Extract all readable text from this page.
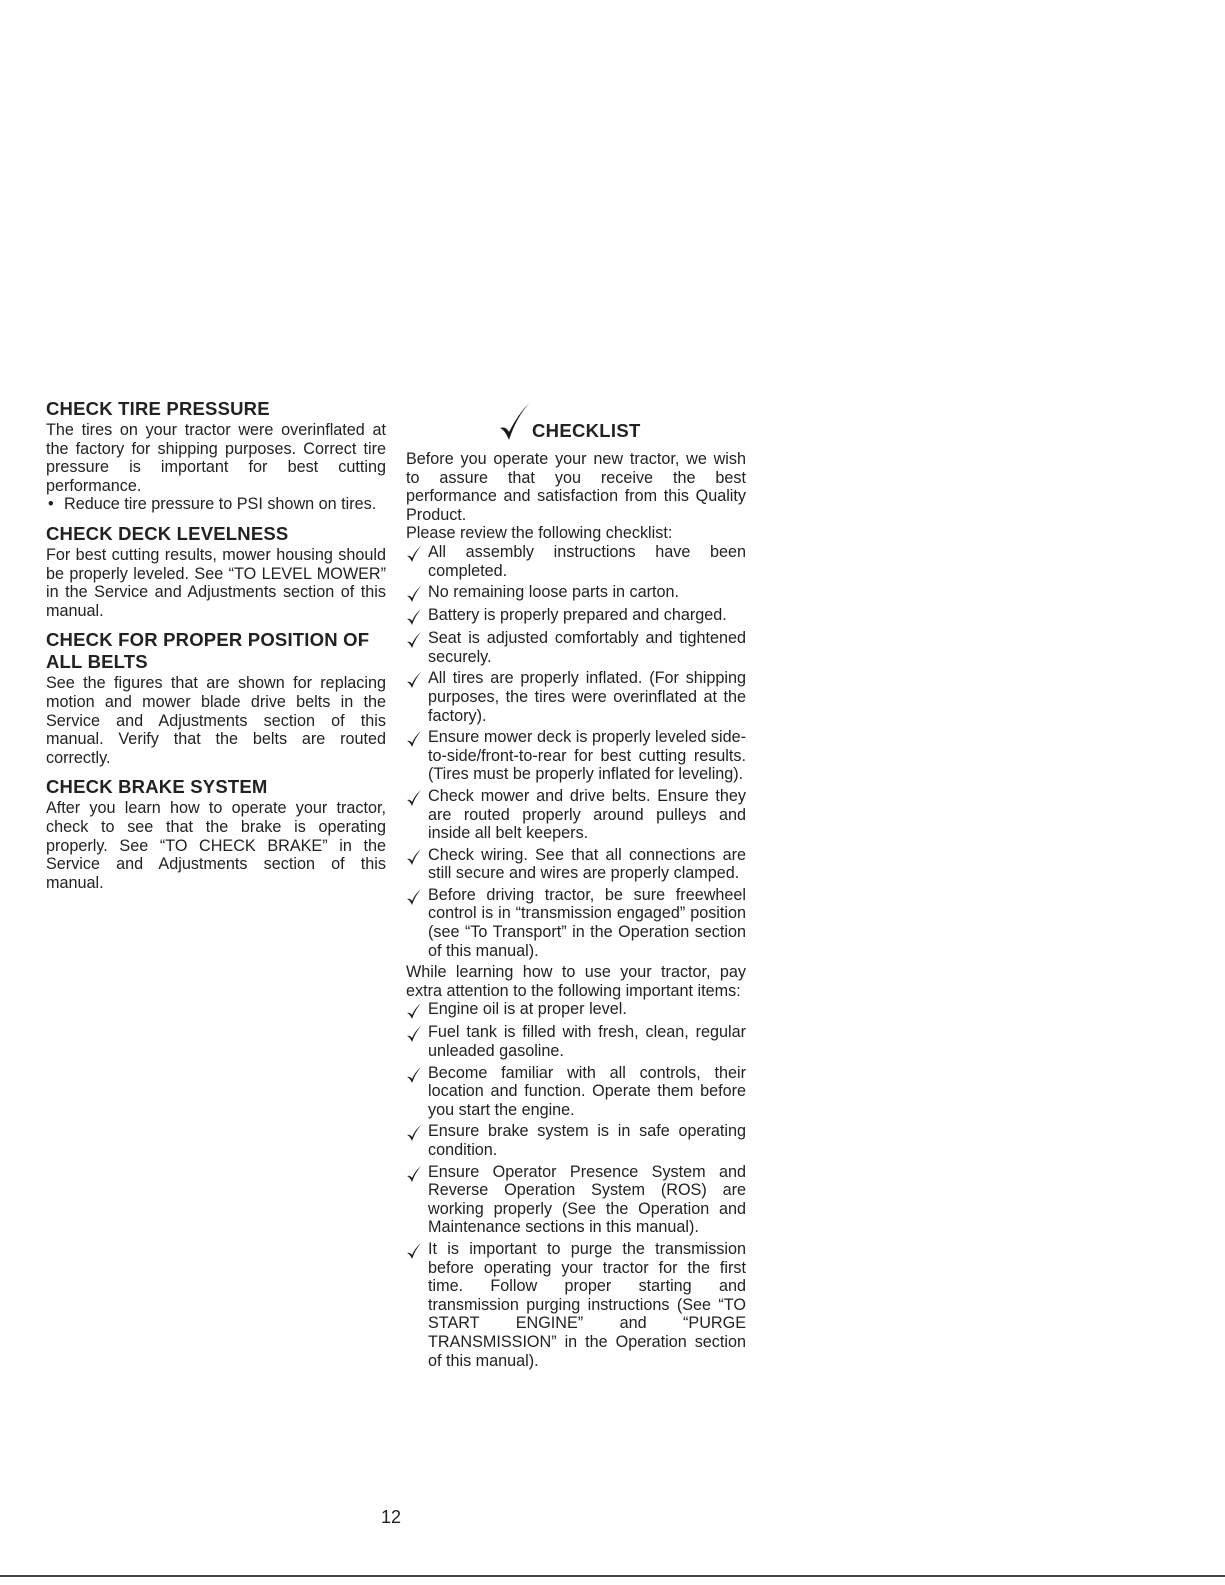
CHECK TIRE PRESSURE

The tires on your tractor were overinflated at the factory for shipping purposes. Correct tire pressure is important for best cutting performance.

• Reduce tire pressure to PSI shown on tires.
CHECK DECK LEVELNESS

For best cutting results, mower housing should be properly leveled. See “TO LEVEL MOWER” in the Service and Adjustments section of this manual.

CHECK FOR PROPER POSITION OF ALL BELTS

See the figures that are shown for replacing motion and mower blade drive belts in the Service and Adjustments section of this manual. Verify that the belts are routed correctly.

CHECK BRAKE SYSTEM

After you learn how to operate your tractor, check to see that the brake is operating properly. See “TO CHECK BRAKE” in the Service and Adjustments section of this manual.

CHECKLIST

Before you operate your new tractor, we wish to assure that you receive the best performance and satisfaction from this Quality Product.

Please review the following checklist:

All assembly instructions have been completed.
No remaining loose parts in carton.
Battery is properly prepared and charged.
Seat is adjusted comfortably and tightened securely.
All tires are properly inflated. (For shipping purposes, the tires were overinflated at the factory).
Ensure mower deck is properly leveled side-to-side/front-to-rear for best cutting results. (Tires must be properly inflated for leveling).
Check mower and drive belts. Ensure they are routed properly around pulleys and inside all belt keepers.
Check wiring. See that all connections are still secure and wires are properly clamped.
Before driving tractor, be sure freewheel control is in “transmission engaged” position (see “To Transport” in the Operation section of this manual).

While learning how to use your tractor, pay extra attention to the following important items:

Engine oil is at proper level.
Fuel tank is filled with fresh, clean, regular unleaded gasoline.
Become familiar with all controls, their location and function. Operate them before you start the engine.
Ensure brake system is in safe operating condition.
Ensure Operator Presence System and Reverse Operation System (ROS) are working properly (See the Operation and Maintenance sections in this manual).
It is important to purge the transmission before operating your tractor for the first time. Follow proper starting and transmission purging instructions (See “TO START ENGINE” and “PURGE TRANSMISSION” in the Operation section of this manual).
12
